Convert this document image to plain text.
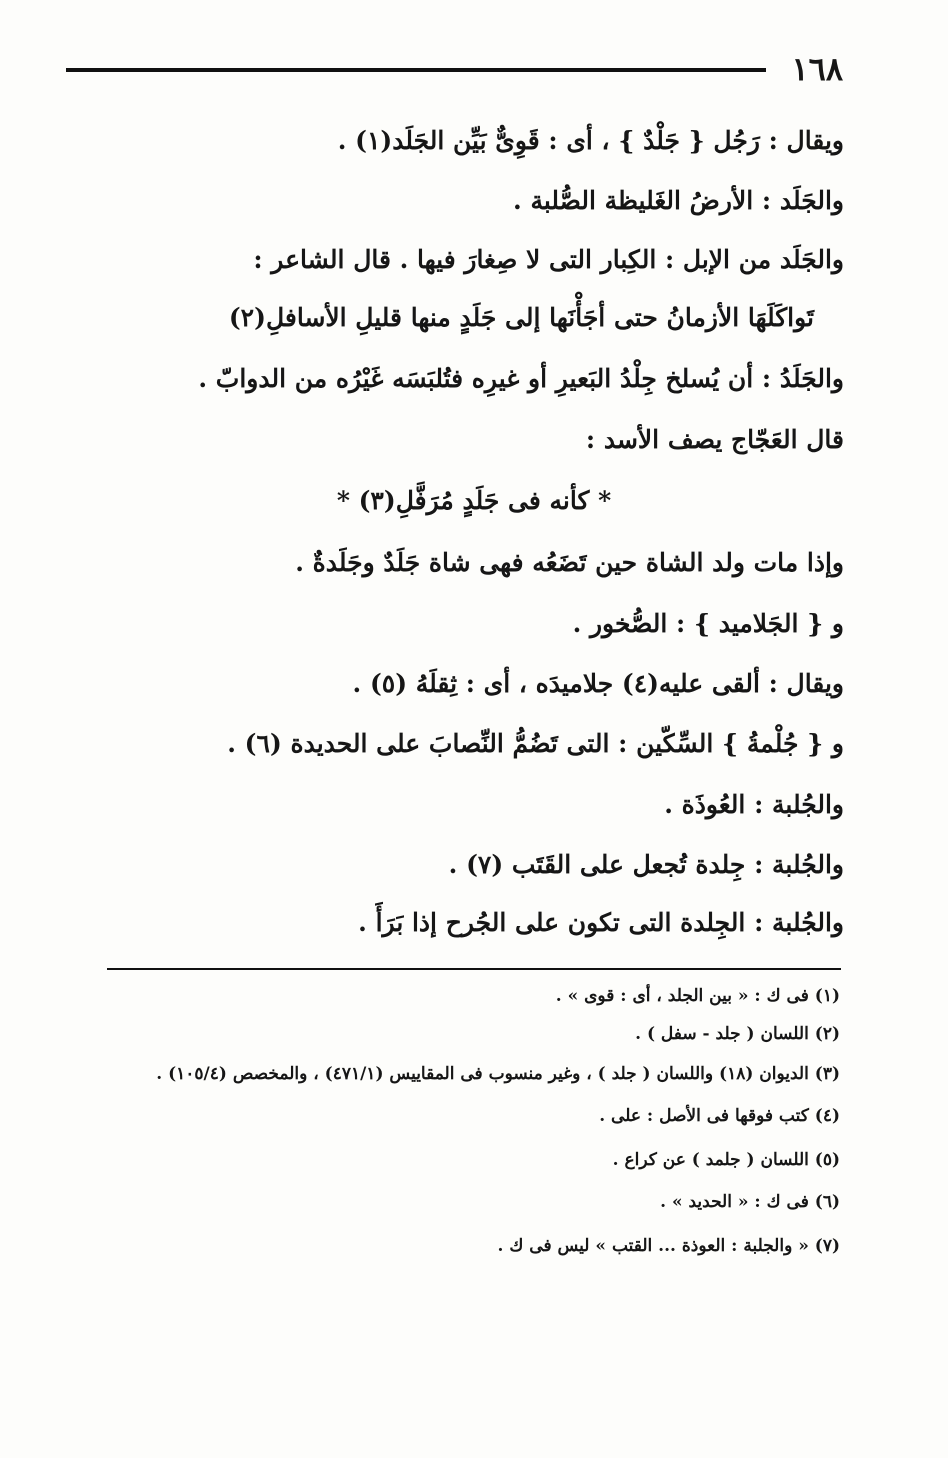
١٦٨
ويقال : رَجُل { جَلْدٌ } ، أى : قَوِىٌّ بَيِّن الجَلَد(١) .
والجَلَد : الأرضُ الغَليظة الصُّلبة .
والجَلَد من الإبل : الكِبار التى لا صِغارَ فيها . قال الشاعر :
تَواكَلَهَا الأزمانُ حتى أجَأْنَها إلى جَلَدٍ منها قليلِ الأسافلِ(٢)
والجَلَدُ : أن يُسلخ جِلْدُ البَعيرِ أو غيرِه فتُلبَسَه غَيْرُه من الدوابّ .
قال العَجّاج يصف الأسد :
* كأنه فى جَلَدٍ مُرَفَّلِ(٣) *
وإذا مات ولد الشاة حين تَضَعُه فهى شاة جَلَدٌ وجَلَدةٌ .
و { الجَلاميد } : الصُّخور .
ويقال : ألقى عليه(٤) جلاميدَه ، أى : ثِقلَهُ (٥) .
و { جُلْمةُ } السِّكّين : التى تَضُمُّ النِّصابَ على الحديدة (٦) .
والجُلبة : العُوذَة .
والجُلبة : جِلدة تُجعل على القَتَب (٧) .
والجُلبة : الجِلدة التى تكون على الجُرح إذا بَرَأَ .
(١) فى ك : « بين الجلد ، أى : قوى » .
(٢) اللسان ( جلد - سفل ) .
(٣) الديوان (١٨) واللسان ( جلد ) ، وغير منسوب فى المقاييس (٤٧١/١) ، والمخصص (١٠٥/٤) .
(٤) كتب فوقها فى الأصل : على .
(٥) اللسان ( جلمد ) عن كراع .
(٦) فى ك : « الحديد » .
(٧) « والجلبة : العوذة ... القتب » ليس فى ك .
